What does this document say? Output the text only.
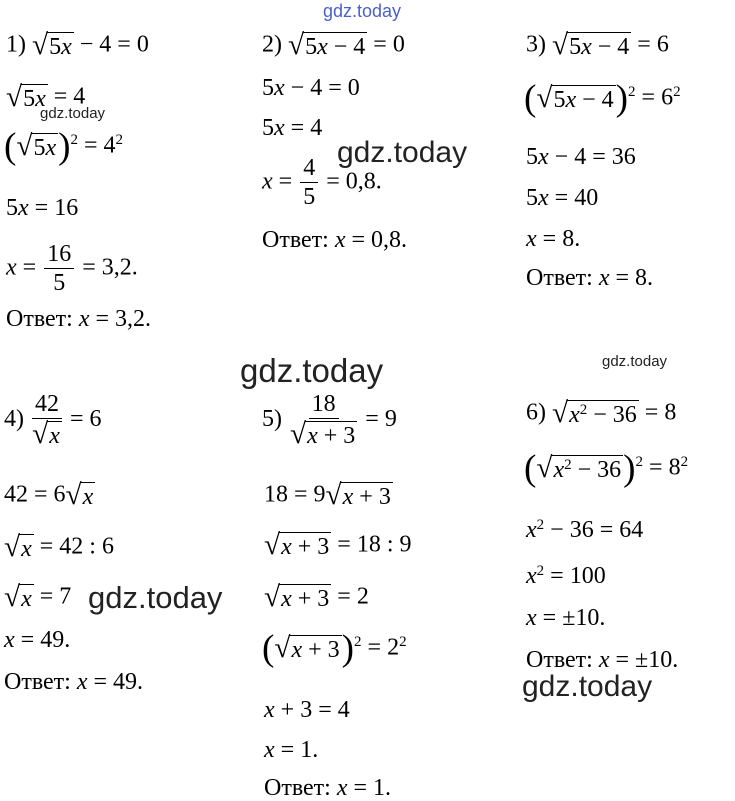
gdz.today
gdz.today
gdz.today
gdz.today	gdz.today
gdz.today
gdz.today
1) √ 5x − 4 = 0
√ 5x = 4
( √ 5x )$^2 = 4^2$
5x = 16
$x = \frac{16}{5} = 3,2$.
Ответ: x = 3,2.
2) √ 5x − 4 = 0
5x − 4 = 0
5x = 4
$x = \frac{4}{5} = 0,8$.
Ответ: x = 0,8.
3) √ 5x − 4 = 6
( √ 5x − 4 )$^2 = 6^2$
5x − 4 = 36
5x = 40
x = 8.
Ответ: x = 8.
$4) \frac{42}{√ x} = 6$
42 = 6 √ x
√ x = 42 : 6
√ x = 7
x = 49.
Ответ: x = 49.
$5) \frac{18}{√ x + 3} = 9$
18 = 9 √ x + 3
√ x + 3 = 18 : 9
√ x + 3 = 2
( √ x + 3 )$^2 = 2^2$
x + 3 = 4
x = 1.
Ответ: x = 1.
6) √ $x^2 - 36 = 8$
( √ $x^2 - 36$ )$^2 = 8^2$
$x^2 - 36 = 64$
$x^2 = 100$
x = ±10.
Ответ: x = ±10.
